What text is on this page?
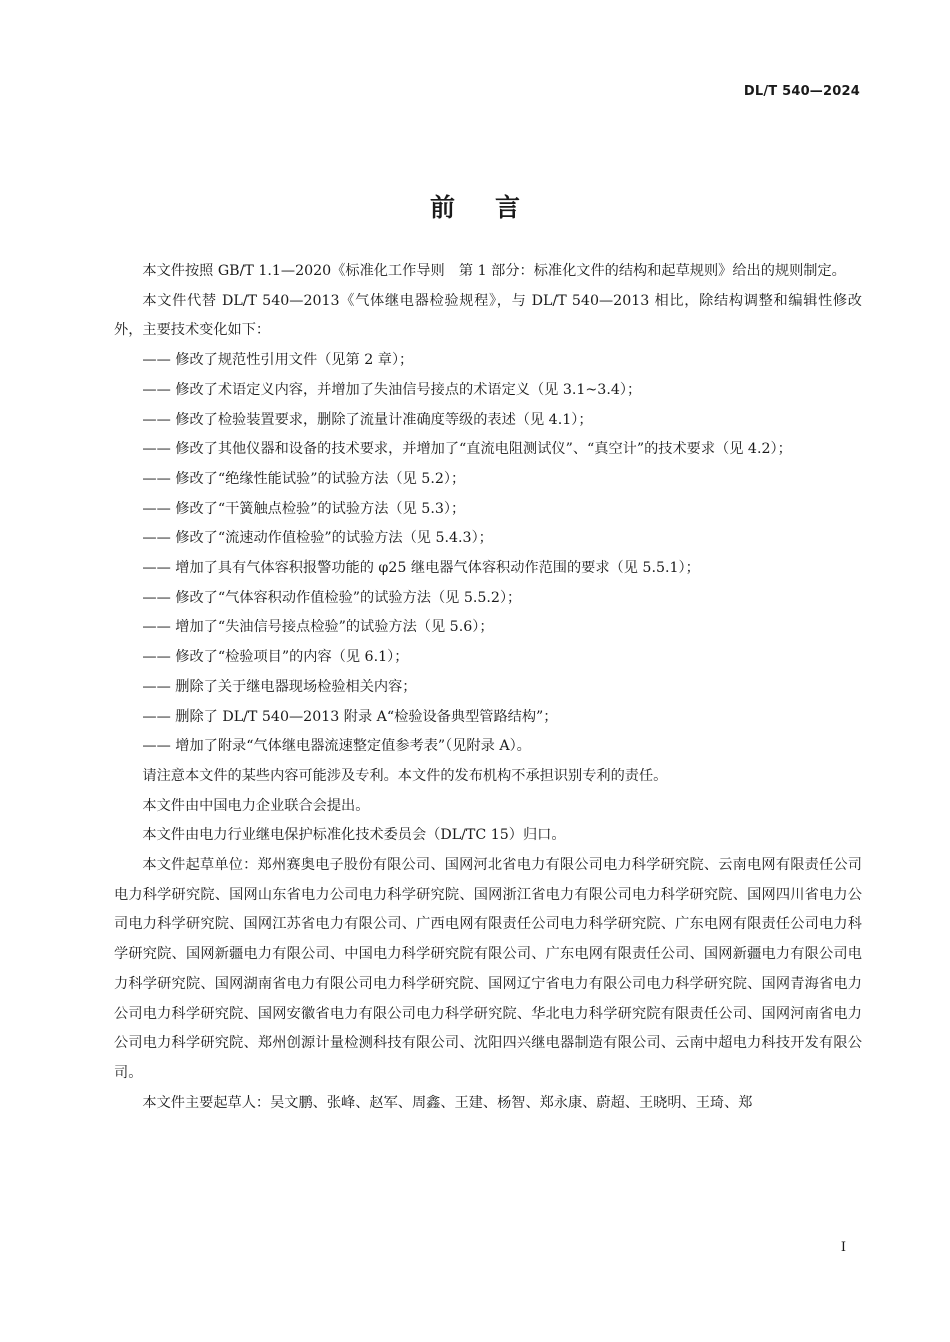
DL/T 540—2024
前言

本文件按照 GB/T 1.1—2020《标准化工作导则　第 1 部分：标准化文件的结构和起草规则》给出的规则制定。

本文件代替 DL/T 540—2013《气体继电器检验规程》，与 DL/T 540—2013 相比，除结构调整和编辑性修改外，主要技术变化如下：

—— 修改了规范性引用文件（见第 2 章）；

—— 修改了术语定义内容，并增加了失油信号接点的术语定义（见 3.1~3.4）；

—— 修改了检验装置要求，删除了流量计准确度等级的表述（见 4.1）；

—— 修改了其他仪器和设备的技术要求，并增加了“直流电阻测试仪”、“真空计”的技术要求（见 4.2）；

—— 修改了“绝缘性能试验”的试验方法（见 5.2）；

—— 修改了“干簧触点检验”的试验方法（见 5.3）；

—— 修改了“流速动作值检验”的试验方法（见 5.4.3）；

—— 增加了具有气体容积报警功能的 φ25 继电器气体容积动作范围的要求（见 5.5.1）；

—— 修改了“气体容积动作值检验”的试验方法（见 5.5.2）；

—— 增加了“失油信号接点检验”的试验方法（见 5.6）；

—— 修改了“检验项目”的内容（见 6.1）；

—— 删除了关于继电器现场检验相关内容；

—— 删除了 DL/T 540—2013 附录 A“检验设备典型管路结构”；

—— 增加了附录“气体继电器流速整定值参考表”（见附录 A）。

请注意本文件的某些内容可能涉及专利。本文件的发布机构不承担识别专利的责任。

本文件由中国电力企业联合会提出。

本文件由电力行业继电保护标准化技术委员会（DL/TC 15）归口。

本文件起草单位：郑州赛奥电子股份有限公司、国网河北省电力有限公司电力科学研究院、云南电网有限责任公司电力科学研究院、国网山东省电力公司电力科学研究院、国网浙江省电力有限公司电力科学研究院、国网四川省电力公司电力科学研究院、国网江苏省电力有限公司、广西电网有限责任公司电力科学研究院、广东电网有限责任公司电力科学研究院、国网新疆电力有限公司、中国电力科学研究院有限公司、广东电网有限责任公司、国网新疆电力有限公司电力科学研究院、国网湖南省电力有限公司电力科学研究院、国网辽宁省电力有限公司电力科学研究院、国网青海省电力公司电力科学研究院、国网安徽省电力有限公司电力科学研究院、华北电力科学研究院有限责任公司、国网河南省电力公司电力科学研究院、郑州创源计量检测科技有限公司、沈阳四兴继电器制造有限公司、云南中超电力科技开发有限公司。

本文件主要起草人：吴文鹏、张峰、赵军、周鑫、王建、杨智、郑永康、蔚超、王晓明、王琦、郑

I
